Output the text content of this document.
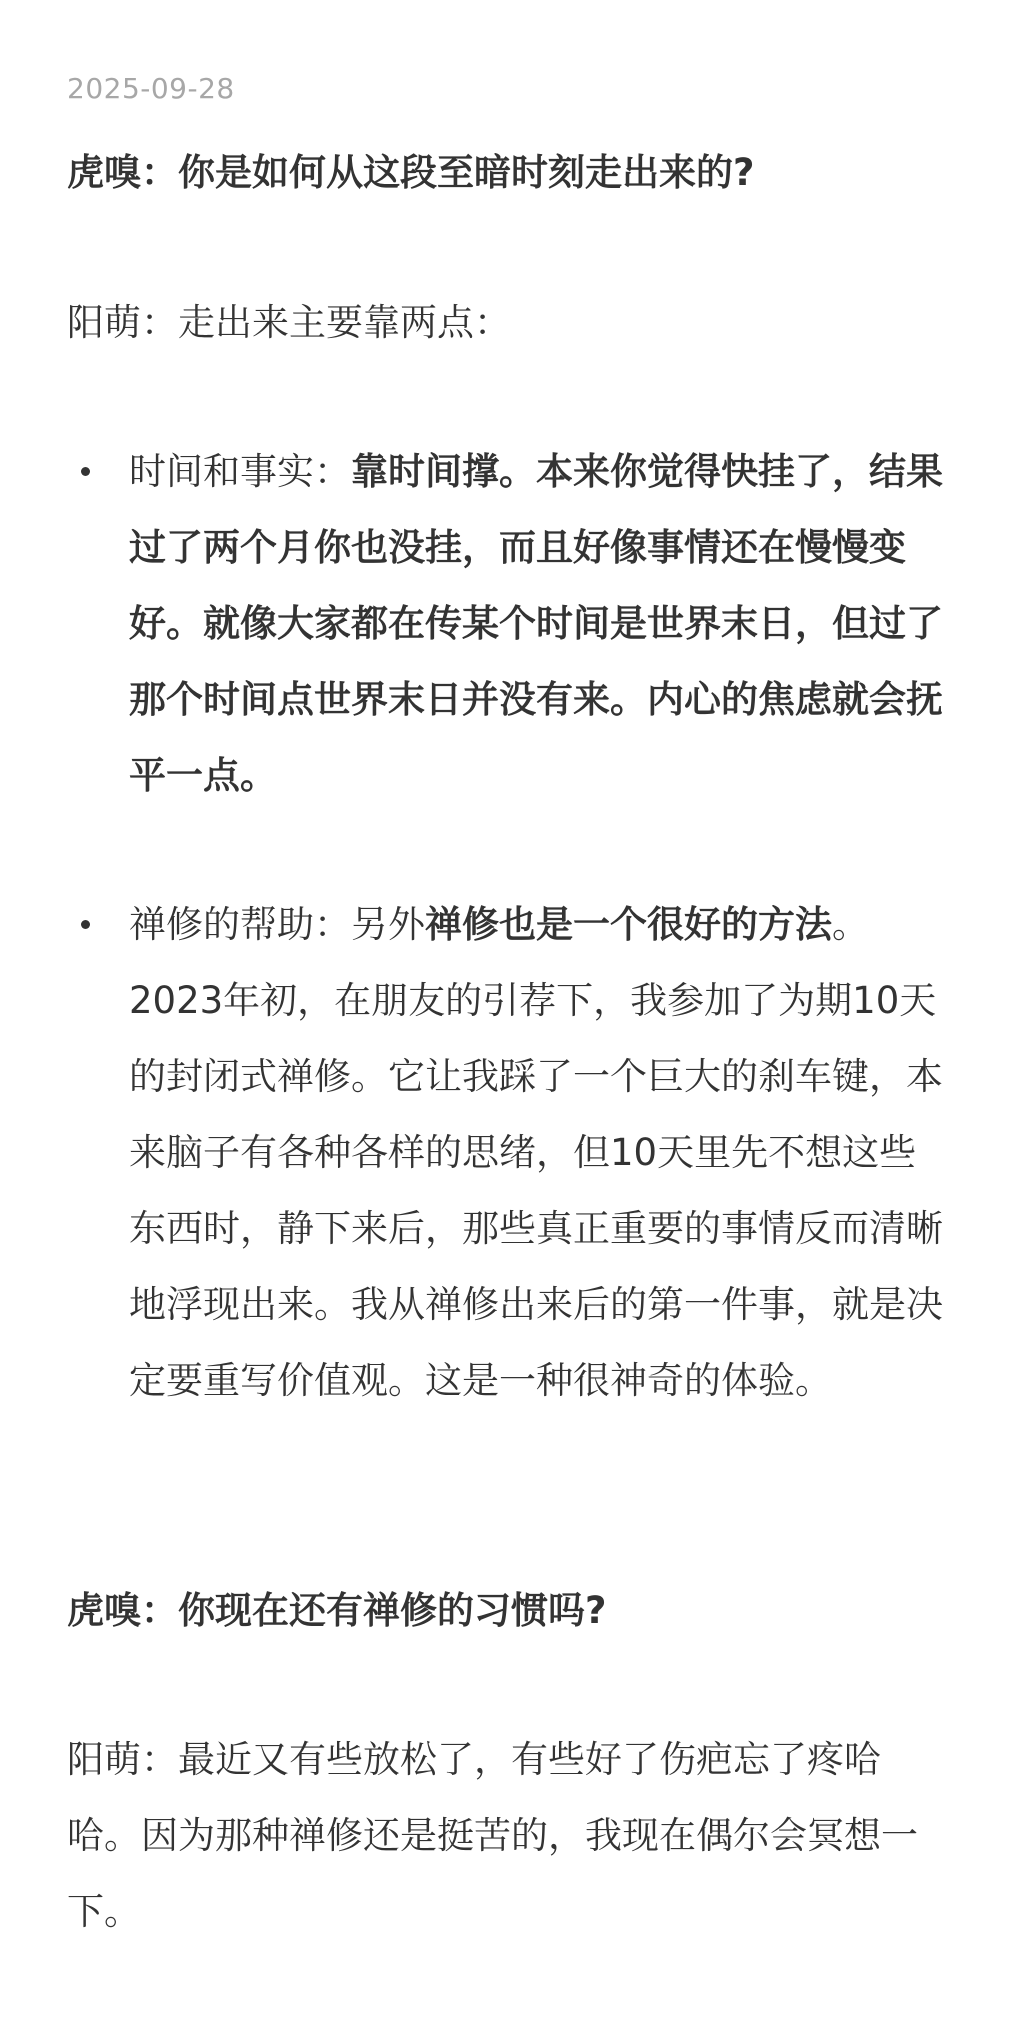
2025-09-28
虎嗅：你是如何从这段至暗时刻走出来的?
阳萌：走出来主要靠两点：
时间和事实：靠时间撑。本来你觉得快挂了，结果过了两个月你也没挂，而且好像事情还在慢慢变好。就像大家都在传某个时间是世界末日，但过了那个时间点世界末日并没有来。内心的焦虑就会抚平一点。
禅修的帮助：另外禅修也是一个很好的方法。2023年初，在朋友的引荐下，我参加了为期10天的封闭式禅修。它让我踩了一个巨大的刹车键，本来脑子有各种各样的思绪，但10天里先不想这些东西时，静下来后，那些真正重要的事情反而清晰地浮现出来。我从禅修出来后的第一件事，就是决定要重写价值观。这是一种很神奇的体验。
虎嗅：你现在还有禅修的习惯吗?
阳萌：最近又有些放松了，有些好了伤疤忘了疼哈哈。因为那种禅修还是挺苦的，我现在偶尔会冥想一下。
